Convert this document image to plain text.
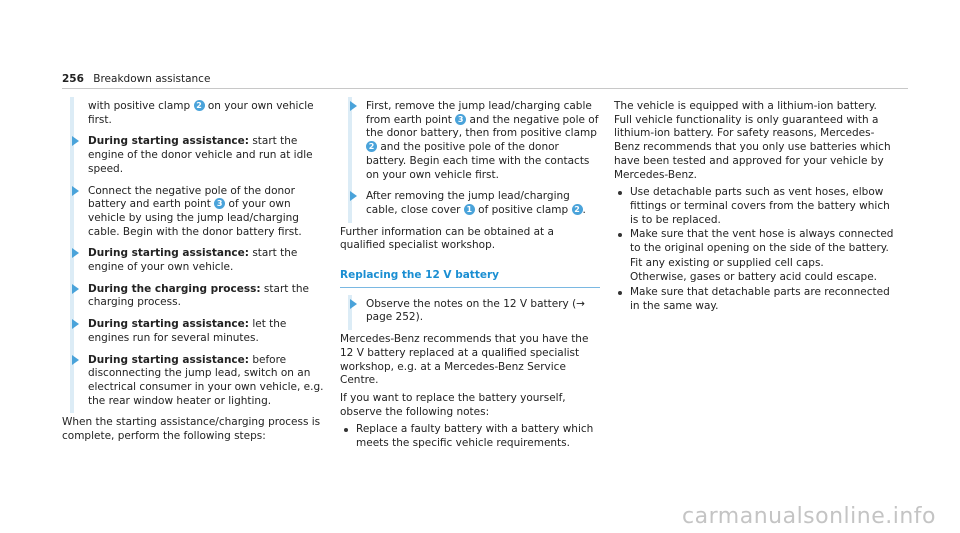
256 Breakdown assistance
with positive clamp 2 on your own vehicle first.
During starting assistance: start the engine of the donor vehicle and run at idle speed.
Connect the negative pole of the donor battery and earth point 3 of your own vehicle by using the jump lead/charging cable. Begin with the donor battery first.
During starting assistance: start the engine of your own vehicle.
During the charging process: start the charging process.
During starting assistance: let the engines run for several minutes.
During starting assistance: before disconnecting the jump lead, switch on an electrical consumer in your own vehicle, e.g. the rear window heater or lighting.

When the starting assistance/charging process is complete, perform the following steps:

First, remove the jump lead/charging cable from earth point 3 and the negative pole of the donor battery, then from positive clamp 2 and the positive pole of the donor battery. Begin each time with the contacts on your own vehicle first.
After removing the jump lead/charging cable, close cover 1 of positive clamp 2 .

Further information can be obtained at a qualified specialist workshop.

Replacing the 12 V battery
Observe the notes on the 12 V battery (→ page 252).

Mercedes-Benz recommends that you have the 12 V battery replaced at a qualified specialist workshop, e.g. at a Mercedes-Benz Service Centre.

If you want to replace the battery yourself, observe the following notes:

Replace a faulty battery with a battery which meets the specific vehicle requirements.

The vehicle is equipped with a lithium-ion battery. Full vehicle functionality is only guaranteed with a lithium-ion battery. For safety reasons, Mercedes-Benz recommends that you only use batteries which have been tested and approved for your vehicle by Mercedes-Benz.

Use detachable parts such as vent hoses, elbow fittings or terminal covers from the battery which is to be replaced.
Make sure that the vent hose is always connected to the original opening on the side of the battery.
Fit any existing or supplied cell caps.
Otherwise, gases or battery acid could escape.
Make sure that detachable parts are reconnected in the same way.
carmanualsonline.info
